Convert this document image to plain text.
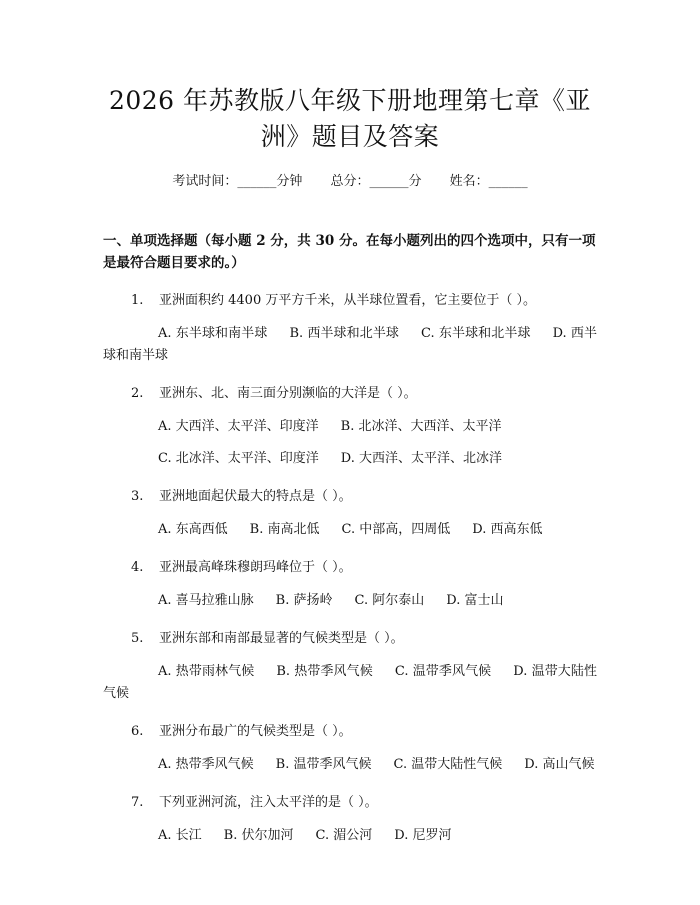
2026 年苏教版八年级下册地理第七章《亚
洲》题目及答案
考试时间：______分钟 总分：______分 姓名：______
一、单项选择题（每小题 2 分，共 30 分。在每小题列出的四个选项中，只有一项是最符合题目要求的。）
1. 亚洲面积约 4400 万平方千米，从半球位置看，它主要位于（ ）。
A. 东半球和南半球 B. 西半球和北半球 C. 东半球和北半球 D. 西半球和南半球
2. 亚洲东、北、南三面分别濒临的大洋是（ ）。
A. 大西洋、太平洋、印度洋 B. 北冰洋、大西洋、太平洋
C. 北冰洋、太平洋、印度洋 D. 大西洋、太平洋、北冰洋
3. 亚洲地面起伏最大的特点是（ ）。
A. 东高西低 B. 南高北低 C. 中部高，四周低 D. 西高东低
4. 亚洲最高峰珠穆朗玛峰位于（ ）。
A. 喜马拉雅山脉 B. 萨扬岭 C. 阿尔泰山 D. 富士山
5. 亚洲东部和南部最显著的气候类型是（ ）。
A. 热带雨林气候 B. 热带季风气候 C. 温带季风气候 D. 温带大陆性气候
6. 亚洲分布最广的气候类型是（ ）。
A. 热带季风气候 B. 温带季风气候 C. 温带大陆性气候 D. 高山气候
7. 下列亚洲河流，注入太平洋的是（ ）。
A. 长江 B. 伏尔加河 C. 湄公河 D. 尼罗河
